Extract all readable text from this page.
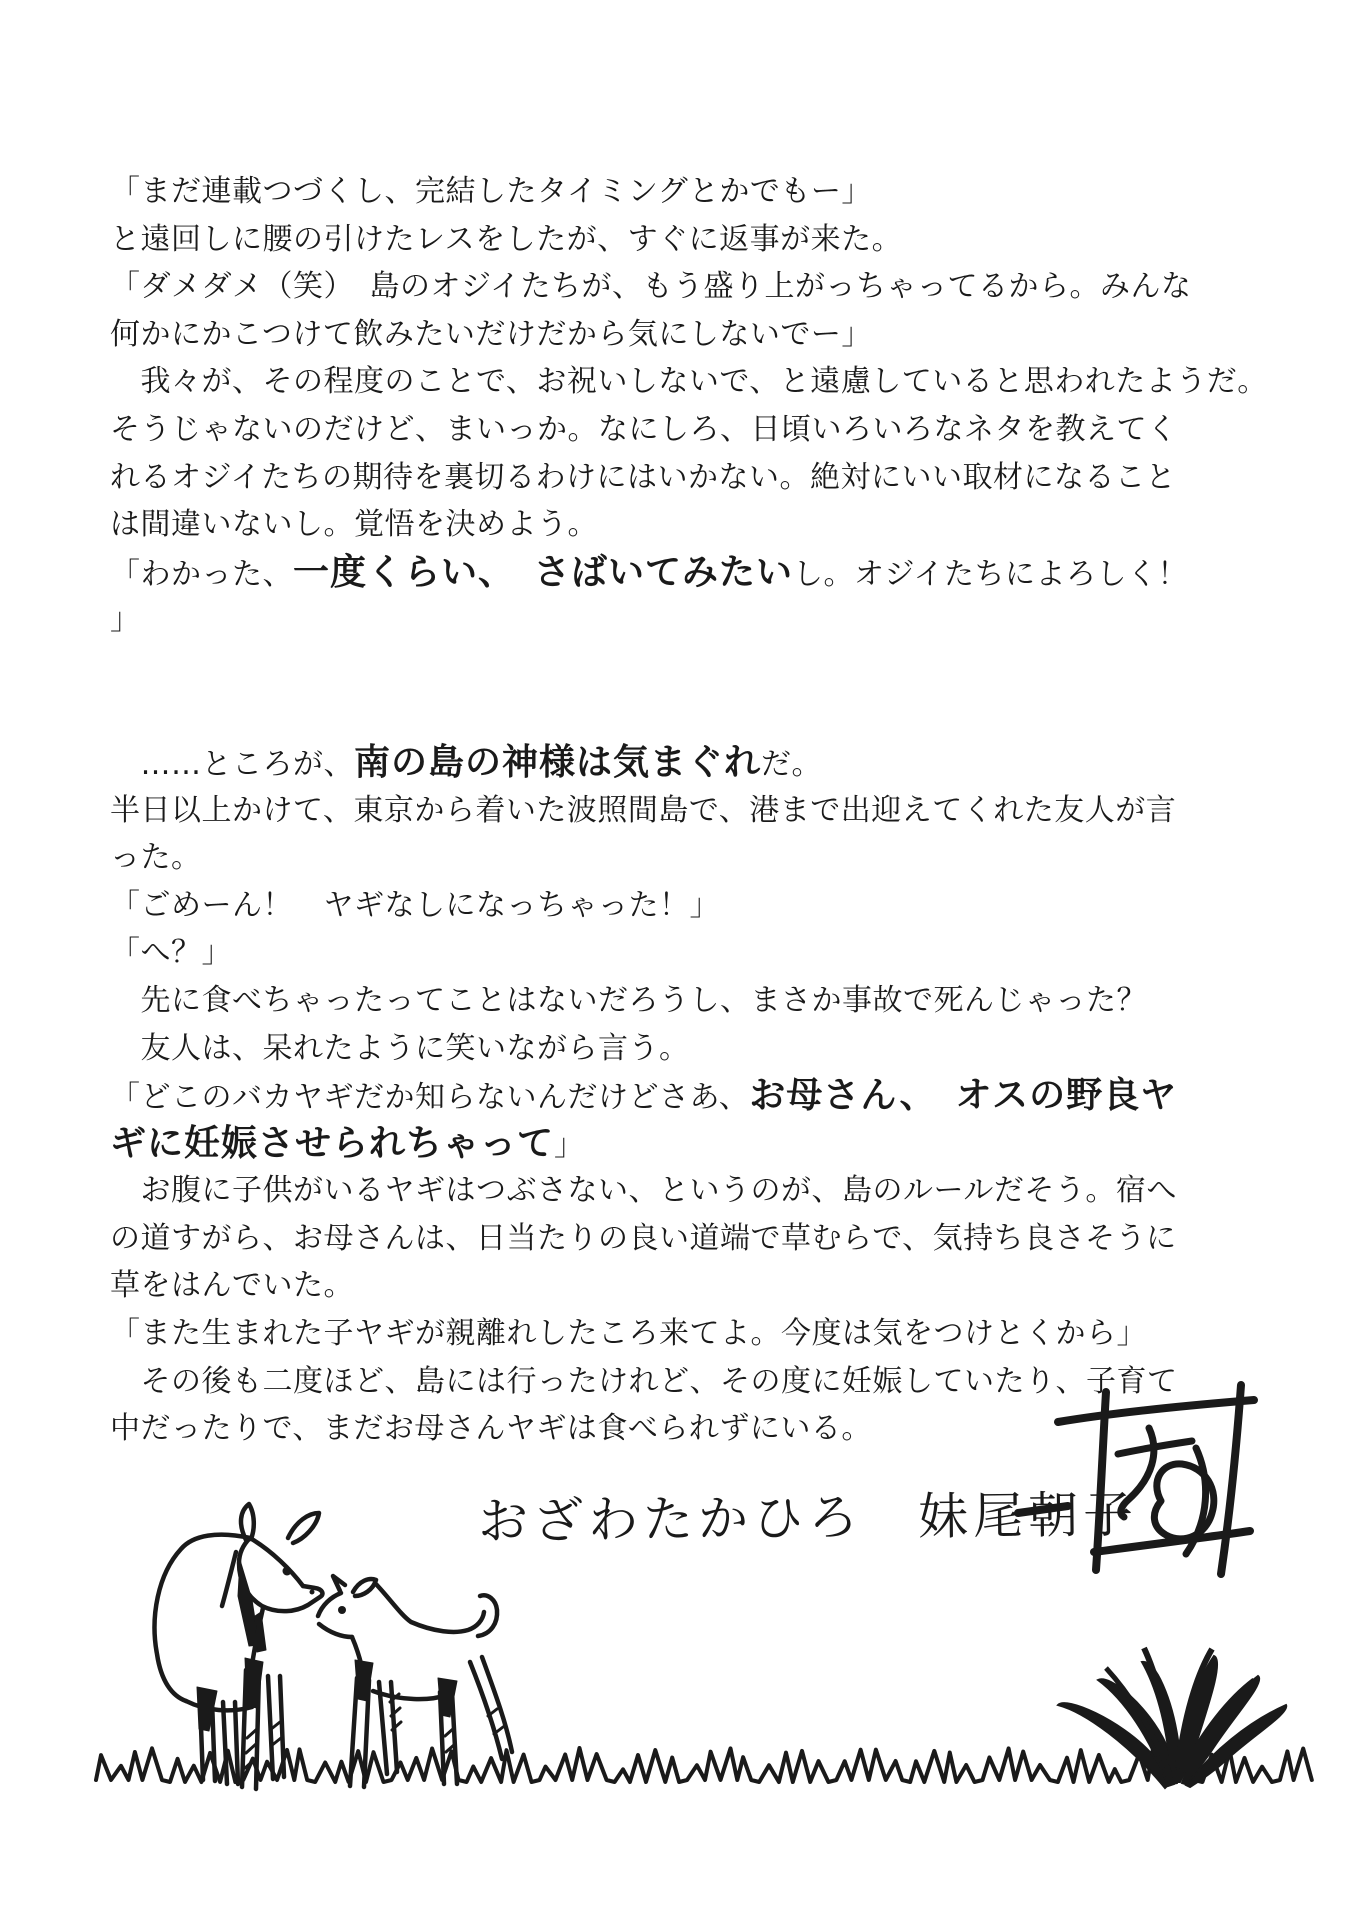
「まだ連載つづくし、完結したタイミングとかでもー」
と遠回しに腰の引けたレスをしたが、すぐに返事が来た。
「ダメダメ（笑）　島のオジイたちが、もう盛り上がっちゃってるから。みんな
何かにかこつけて飲みたいだけだから気にしないでー」
　我々が、その程度のことで、お祝いしないで、と遠慮していると思われたようだ。
そうじゃないのだけど、まいっか。なにしろ、日頃いろいろなネタを教えてく
れるオジイたちの期待を裏切るわけにはいかない。絶対にいい取材になること
は間違いないし。覚悟を決めよう。
「わかった、一度くらい、　さばいてみたいし。オジイたちによろしく！
」
　……ところが、南の島の神様は気まぐれだ。
半日以上かけて、東京から着いた波照間島で、港まで出迎えてくれた友人が言
った。
「ごめーん！　ヤギなしになっちゃった！」
「へ？」
　先に食べちゃったってことはないだろうし、まさか事故で死んじゃった？
　友人は、呆れたように笑いながら言う。
「どこのバカヤギだか知らないんだけどさあ、お母さん、　オスの野良ヤ
ギに妊娠させられちゃって」
　お腹に子供がいるヤギはつぶさない、というのが、島のルールだそう。宿へ
の道すがら、お母さんは、日当たりの良い道端で草むらで、気持ち良さそうに
草をはんでいた。
「また生まれた子ヤギが親離れしたころ来てよ。今度は気をつけとくから」
　その後も二度ほど、島には行ったけれど、その度に妊娠していたり、子育て
中だったりで、まだお母さんヤギは食べられずにいる。
おざわたかひろ　妹尾朝子
